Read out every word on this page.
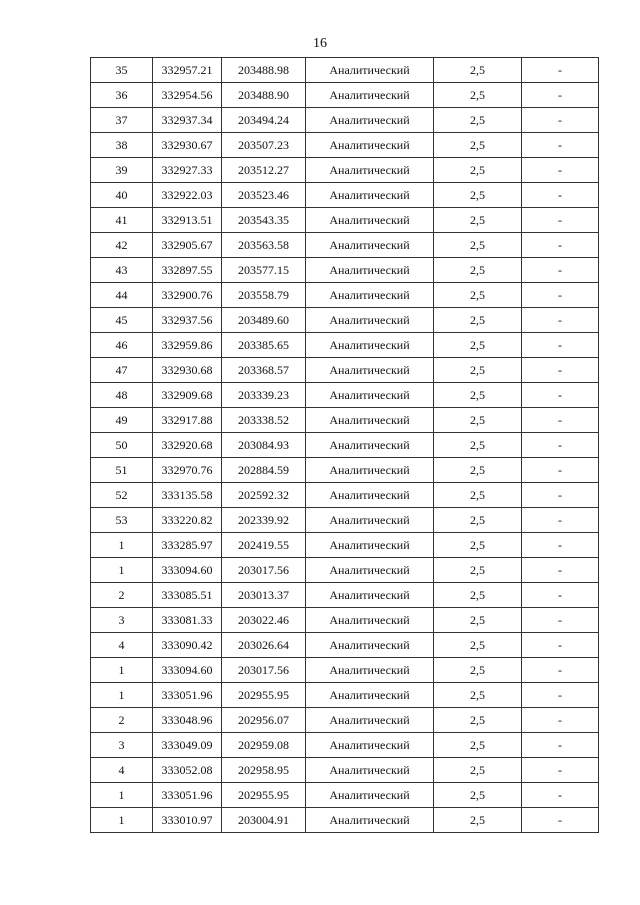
16
35	332957.21	203488.98	Аналитический	2,5	-
36	332954.56	203488.90	Аналитический	2,5	-
37	332937.34	203494.24	Аналитический	2,5	-
38	332930.67	203507.23	Аналитический	2,5	-
39	332927.33	203512.27	Аналитический	2,5	-
40	332922.03	203523.46	Аналитический	2,5	-
41	332913.51	203543.35	Аналитический	2,5	-
42	332905.67	203563.58	Аналитический	2,5	-
43	332897.55	203577.15	Аналитический	2,5	-
44	332900.76	203558.79	Аналитический	2,5	-
45	332937.56	203489.60	Аналитический	2,5	-
46	332959.86	203385.65	Аналитический	2,5	-
47	332930.68	203368.57	Аналитический	2,5	-
48	332909.68	203339.23	Аналитический	2,5	-
49	332917.88	203338.52	Аналитический	2,5	-
50	332920.68	203084.93	Аналитический	2,5	-
51	332970.76	202884.59	Аналитический	2,5	-
52	333135.58	202592.32	Аналитический	2,5	-
53	333220.82	202339.92	Аналитический	2,5	-
1	333285.97	202419.55	Аналитический	2,5	-
1	333094.60	203017.56	Аналитический	2,5	-
2	333085.51	203013.37	Аналитический	2,5	-
3	333081.33	203022.46	Аналитический	2,5	-
4	333090.42	203026.64	Аналитический	2,5	-
1	333094.60	203017.56	Аналитический	2,5	-
1	333051.96	202955.95	Аналитический	2,5	-
2	333048.96	202956.07	Аналитический	2,5	-
3	333049.09	202959.08	Аналитический	2,5	-
4	333052.08	202958.95	Аналитический	2,5	-
1	333051.96	202955.95	Аналитический	2,5	-
1	333010.97	203004.91	Аналитический	2,5	-
